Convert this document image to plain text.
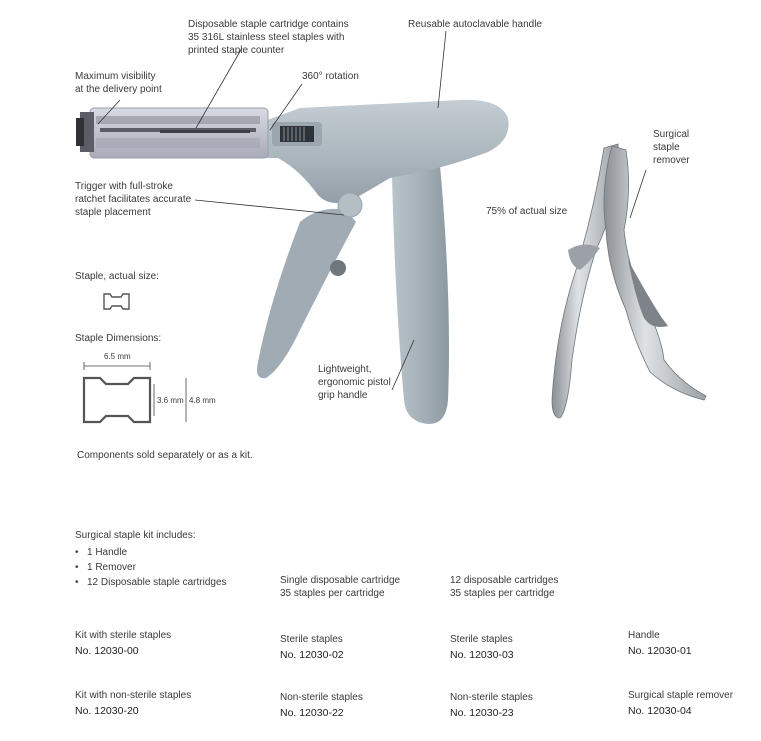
Disposable staple cartridge contains
35 316L stainless steel staples with
printed staple counter
Reusable autoclavable handle
Maximum visibility
at the delivery point
360° rotation
Trigger with full-stroke
ratchet facilitates accurate
staple placement
Lightweight,
ergonomic pistol
grip handle
Surgical
staple
remover
75% of actual size
Staple, actual size:
Staple Dimensions:
6.5 mm
3.6 mm 4.8 mm
Components sold separately or as a kit.
Surgical staple kit includes:
• 1 Handle
• 1 Remover
• 12 Disposable staple cartridges	Single disposable cartridge
35 staples per cartridge
12 disposable cartridges
35 staples per cartridge
Kit with sterile staples
No. 12030-00
Sterile staples
No. 12030-02
Sterile staples
No. 12030-03
Handle
No. 12030-01
Kit with non-sterile staples
No. 12030-20
Non-sterile staples
No. 12030-22
Non-sterile staples
No. 12030-23
Surgical staple remover
No. 12030-04
